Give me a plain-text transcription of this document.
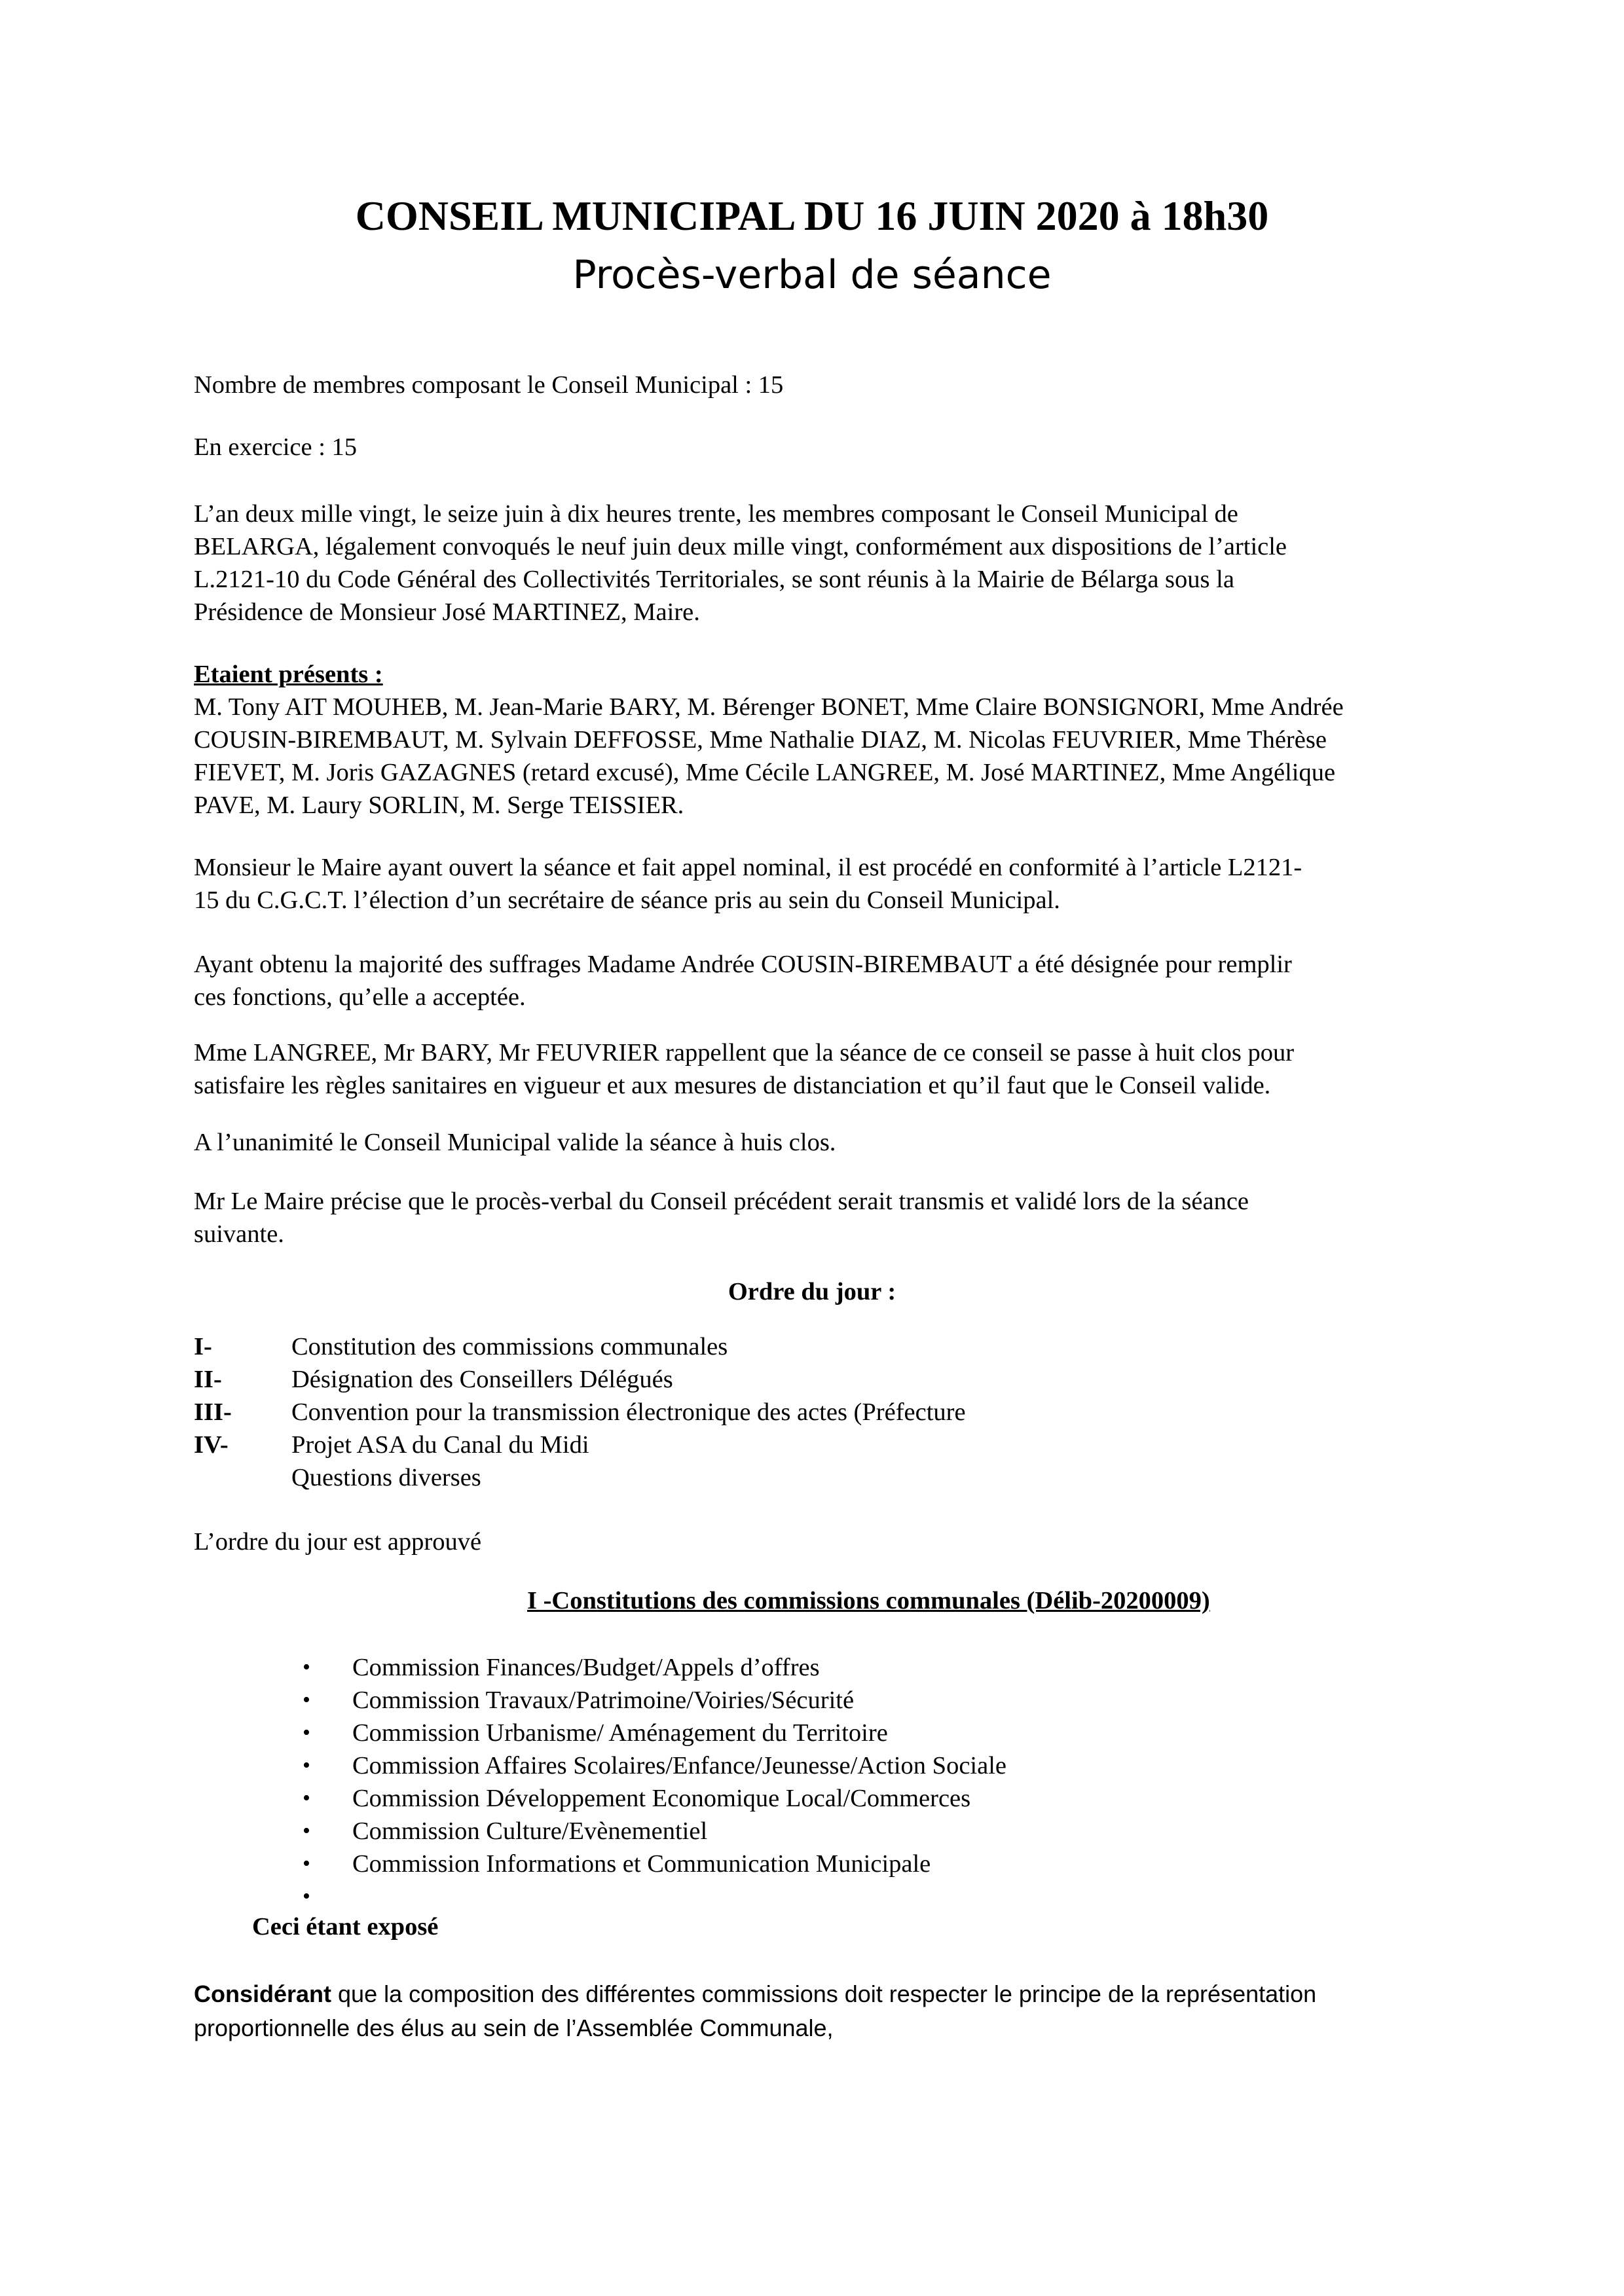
CONSEIL MUNICIPAL DU 16 JUIN 2020 à 18h30
Procès-verbal de séance
Nombre de membres composant le Conseil Municipal : 15
En exercice : 15
L’an deux mille vingt, le seize juin à dix heures trente, les membres composant le Conseil Municipal de
BELARGA, légalement convoqués le neuf juin deux mille vingt, conformément aux dispositions de l’article
L.2121-10 du Code Général des Collectivités Territoriales, se sont réunis à la Mairie de Bélarga sous la
Présidence de Monsieur José MARTINEZ, Maire.
Etaient présents :
M. Tony AIT MOUHEB, M. Jean-Marie BARY, M. Bérenger BONET, Mme Claire BONSIGNORI, Mme Andrée
COUSIN-BIREMBAUT, M. Sylvain DEFFOSSE, Mme Nathalie DIAZ, M. Nicolas FEUVRIER, Mme Thérèse
FIEVET, M. Joris GAZAGNES (retard excusé), Mme Cécile LANGREE, M. José MARTINEZ, Mme Angélique
PAVE, M. Laury SORLIN, M. Serge TEISSIER.
Monsieur le Maire ayant ouvert la séance et fait appel nominal, il est procédé en conformité à l’article L2121-
15 du C.G.C.T. l’élection d’un secrétaire de séance pris au sein du Conseil Municipal.
Ayant obtenu la majorité des suffrages Madame Andrée COUSIN-BIREMBAUT a été désignée pour remplir
ces fonctions, qu’elle a acceptée.
Mme LANGREE, Mr BARY, Mr FEUVRIER rappellent que la séance de ce conseil se passe à huit clos pour
satisfaire les règles sanitaires en vigueur et aux mesures de distanciation et qu’il faut que le Conseil valide.
A l’unanimité le Conseil Municipal valide la séance à huis clos.
Mr Le Maire précise que le procès-verbal du Conseil précédent serait transmis et validé lors de la séance
suivante.
Ordre du jour :
I-	Constitution des commissions communales
II-	Désignation des Conseillers Délégués
III- Convention pour la transmission électronique des actes (Préfecture
IV-	Projet ASA du Canal du Midi
Questions diverses
L’ordre du jour est approuvé
I -Constitutions des commissions communales (Délib-20200009)
• Commission Finances/Budget/Appels d’offres
• Commission Travaux/Patrimoine/Voiries/Sécurité
• Commission Urbanisme/ Aménagement du Territoire
• Commission Affaires Scolaires/Enfance/Jeunesse/Action Sociale
• Commission Développement Economique Local/Commerces
• Commission Culture/Evènementiel
• Commission Informations et Communication Municipale
•
Ceci étant exposé
Considérant que la composition des différentes commissions doit respecter le principe de la représentation
proportionnelle des élus au sein de l’Assemblée Communale,
